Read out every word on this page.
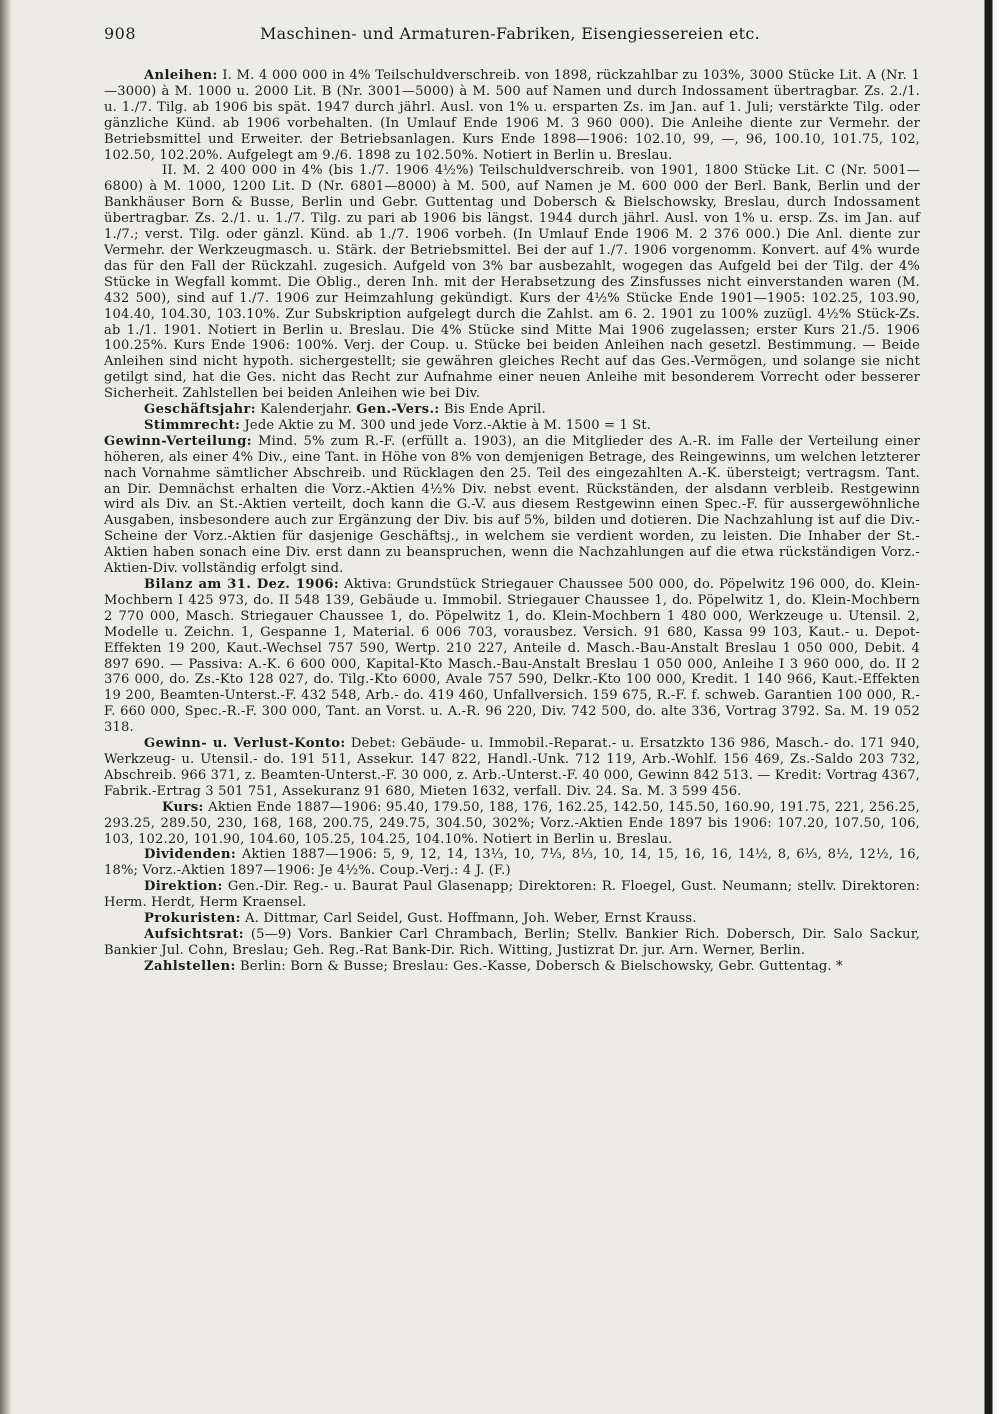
908	Maschinen- und Armaturen-Fabriken, Eisengiessereien etc.

Anleihen: I. M. 4 000 000 in 4% Teilschuldverschreib. von 1898, rückzahlbar zu 103%, 3000 Stücke Lit. A (Nr. 1—3000) à M. 1000 u. 2000 Lit. B (Nr. 3001—5000) à M. 500 auf Namen und durch Indossament übertragbar. Zs. 2./1. u. 1./7. Tilg. ab 1906 bis spät. 1947 durch jährl. Ausl. von 1% u. ersparten Zs. im Jan. auf 1. Juli; verstärkte Tilg. oder gänzliche Künd. ab 1906 vorbehalten. (In Umlauf Ende 1906 M. 3 960 000). Die Anleihe diente zur Vermehr. der Betriebsmittel und Erweiter. der Betriebsanlagen. Kurs Ende 1898—1906: 102.10, 99, —, 96, 100.10, 101.75, 102, 102.50, 102.20%. Aufgelegt am 9./6. 1898 zu 102.50%. Notiert in Berlin u. Breslau.

II. M. 2 400 000 in 4% (bis 1./7. 1906 4½%) Teilschuldverschreib. von 1901, 1800 Stücke Lit. C (Nr. 5001—6800) à M. 1000, 1200 Lit. D (Nr. 6801—8000) à M. 500, auf Namen je M. 600 000 der Berl. Bank, Berlin und der Bankhäuser Born & Busse, Berlin und Gebr. Guttentag und Dobersch & Bielschowsky, Breslau, durch Indossament übertragbar. Zs. 2./1. u. 1./7. Tilg. zu pari ab 1906 bis längst. 1944 durch jährl. Ausl. von 1% u. ersp. Zs. im Jan. auf 1./7.; verst. Tilg. oder gänzl. Künd. ab 1./7. 1906 vorbeh. (In Umlauf Ende 1906 M. 2 376 000.) Die Anl. diente zur Vermehr. der Werkzeugmasch. u. Stärk. der Betriebsmittel. Bei der auf 1./7. 1906 vorgenomm. Konvert. auf 4% wurde das für den Fall der Rückzahl. zugesich. Aufgeld von 3% bar ausbezahlt, wogegen das Aufgeld bei der Tilg. der 4% Stücke in Wegfall kommt. Die Oblig., deren Inh. mit der Herabsetzung des Zinsfusses nicht einverstanden waren (M. 432 500), sind auf 1./7. 1906 zur Heimzahlung gekündigt. Kurs der 4½% Stücke Ende 1901—1905: 102.25, 103.90, 104.40, 104.30, 103.10%. Zur Subskription aufgelegt durch die Zahlst. am 6. 2. 1901 zu 100% zuzügl. 4½% Stück-Zs. ab 1./1. 1901. Notiert in Berlin u. Breslau. Die 4% Stücke sind Mitte Mai 1906 zugelassen; erster Kurs 21./5. 1906 100.25%. Kurs Ende 1906: 100%. Verj. der Coup. u. Stücke bei beiden Anleihen nach gesetzl. Bestimmung. — Beide Anleihen sind nicht hypoth. sichergestellt; sie gewähren gleiches Recht auf das Ges.-Vermögen, und solange sie nicht getilgt sind, hat die Ges. nicht das Recht zur Aufnahme einer neuen Anleihe mit besonderem Vorrecht oder besserer Sicherheit. Zahlstellen bei beiden Anleihen wie bei Div.

Geschäftsjahr: Kalenderjahr. Gen.-Vers.: Bis Ende April.

Stimmrecht: Jede Aktie zu M. 300 und jede Vorz.-Aktie à M. 1500 = 1 St.

Gewinn-Verteilung: Mind. 5% zum R.-F. (erfüllt a. 1903), an die Mitglieder des A.-R. im Falle der Verteilung einer höheren, als einer 4% Div., eine Tant. in Höhe von 8% von demjenigen Betrage, des Reingewinns, um welchen letzterer nach Vornahme sämtlicher Abschreib. und Rücklagen den 25. Teil des eingezahlten A.-K. übersteigt; vertragsm. Tant. an Dir. Demnächst erhalten die Vorz.-Aktien 4½% Div. nebst event. Rückständen, der alsdann verbleib. Restgewinn wird als Div. an St.-Aktien verteilt, doch kann die G.-V. aus diesem Restgewinn einen Spec.-F. für aussergewöhnliche Ausgaben, insbesondere auch zur Ergänzung der Div. bis auf 5%, bilden und dotieren. Die Nachzahlung ist auf die Div.-Scheine der Vorz.-Aktien für dasjenige Geschäftsj., in welchem sie verdient worden, zu leisten. Die Inhaber der St.-Aktien haben sonach eine Div. erst dann zu beanspruchen, wenn die Nachzahlungen auf die etwa rückständigen Vorz.-Aktien-Div. vollständig erfolgt sind.

Bilanz am 31. Dez. 1906: Aktiva: Grundstück Striegauer Chaussee 500 000, do. Pöpelwitz 196 000, do. Klein-Mochbern I 425 973, do. II 548 139, Gebäude u. Immobil. Striegauer Chaussee 1, do. Pöpelwitz 1, do. Klein-Mochbern 2 770 000, Masch. Striegauer Chaussee 1, do. Pöpelwitz 1, do. Klein-Mochbern 1 480 000, Werkzeuge u. Utensil. 2, Modelle u. Zeichn. 1, Gespanne 1, Material. 6 006 703, vorausbez. Versich. 91 680, Kassa 99 103, Kaut.- u. Depot-Effekten 19 200, Kaut.-Wechsel 757 590, Wertp. 210 227, Anteile d. Masch.-Bau-Anstalt Breslau 1 050 000, Debit. 4 897 690. — Passiva: A.-K. 6 600 000, Kapital-Kto Masch.-Bau-Anstalt Breslau 1 050 000, Anleihe I 3 960 000, do. II 2 376 000, do. Zs.-Kto 128 027, do. Tilg.-Kto 6000, Avale 757 590, Delkr.-Kto 100 000, Kredit. 1 140 966, Kaut.-Effekten 19 200, Beamten-Unterst.-F. 432 548, Arb.- do. 419 460, Unfallversich. 159 675, R.-F. f. schweb. Garantien 100 000, R.-F. 660 000, Spec.-R.-F. 300 000, Tant. an Vorst. u. A.-R. 96 220, Div. 742 500, do. alte 336, Vortrag 3792. Sa. M. 19 052 318.

Gewinn- u. Verlust-Konto: Debet: Gebäude- u. Immobil.-Reparat.- u. Ersatzkto 136 986, Masch.- do. 171 940, Werkzeug- u. Utensil.- do. 191 511, Assekur. 147 822, Handl.-Unk. 712 119, Arb.-Wohlf. 156 469, Zs.-Saldo 203 732, Abschreib. 966 371, z. Beamten-Unterst.-F. 30 000, z. Arb.-Unterst.-F. 40 000, Gewinn 842 513. — Kredit: Vortrag 4367, Fabrik.-Ertrag 3 501 751, Assekuranz 91 680, Mieten 1632, verfall. Div. 24. Sa. M. 3 599 456.

Kurs: Aktien Ende 1887—1906: 95.40, 179.50, 188, 176, 162.25, 142.50, 145.50, 160.90, 191.75, 221, 256.25, 293.25, 289.50, 230, 168, 168, 200.75, 249.75, 304.50, 302%; Vorz.-Aktien Ende 1897 bis 1906: 107.20, 107.50, 106, 103, 102.20, 101.90, 104.60, 105.25, 104.25, 104.10%. Notiert in Berlin u. Breslau.

Dividenden: Aktien 1887—1906: 5, 9, 12, 14, 13⅓, 10, 7⅓, 8⅓, 10, 14, 15, 16, 16, 14½, 8, 6⅓, 8½, 12½, 16, 18%; Vorz.-Aktien 1897—1906: Je 4½%. Coup.-Verj.: 4 J. (F.)

Direktion: Gen.-Dir. Reg.- u. Baurat Paul Glasenapp; Direktoren: R. Floegel, Gust. Neumann; stellv. Direktoren: Herm. Herdt, Herm Kraensel.

Prokuristen: A. Dittmar, Carl Seidel, Gust. Hoffmann, Joh. Weber, Ernst Krauss.

Aufsichtsrat: (5—9) Vors. Bankier Carl Chrambach, Berlin; Stellv. Bankier Rich. Dobersch, Dir. Salo Sackur, Bankier Jul. Cohn, Breslau; Geh. Reg.-Rat Bank-Dir. Rich. Witting, Justizrat Dr. jur. Arn. Werner, Berlin.

Zahlstellen: Berlin: Born & Busse; Breslau: Ges.-Kasse, Dobersch & Bielschowsky, Gebr. Guttentag. *
